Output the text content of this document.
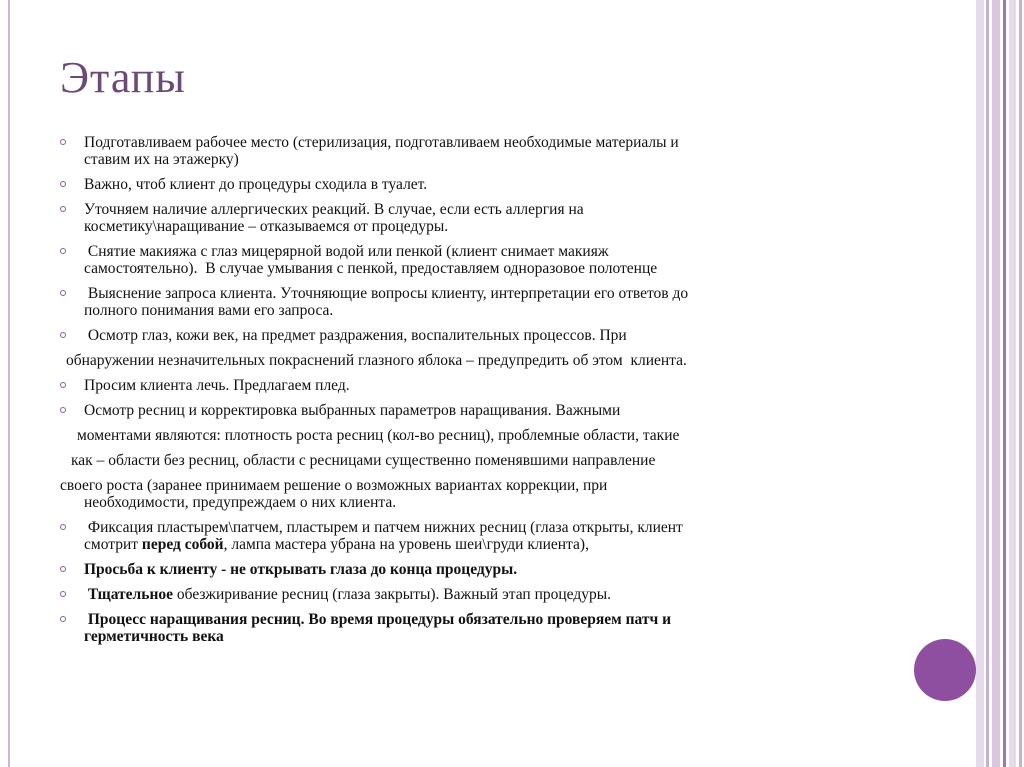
Этапы
Подготавливаем рабочее место (стерилизация, подготавливаем необходимые материалы и
ставим их на этажерку)
Важно, чтоб клиент до процедуры сходила в туалет.
Уточняем наличие аллергических реакций. В случае, если есть аллергия на
косметику\наращивание – отказываемся от процедуры.
Снятие макияжа с глаз мицерярной водой или пенкой (клиент снимает макияж
самостоятельно).  В случае умывания с пенкой, предоставляем одноразовое полотенце
Выяснение запроса клиента. Уточняющие вопросы клиенту, интерпретации его ответов до
полного понимания вами его запроса.
Осмотр глаз, кожи век, на предмет раздражения, воспалительных процессов. При
обнаружении незначительных покраснений глазного яблока – предупредить об этом  клиента.
Просим клиента лечь. Предлагаем плед.
Осмотр ресниц и корректировка выбранных параметров наращивания. Важными
моментами являются: плотность роста ресниц (кол-во ресниц), проблемные области, такие
как – области без ресниц, области с ресницами существенно поменявшими направление
своего роста (заранее принимаем решение о возможных вариантах коррекции, при
необходимости, предупреждаем о них клиента.
Фиксация пластырем\патчем, пластырем и патчем нижних ресниц (глаза открыты, клиент
смотрит перед собой, лампа мастера убрана на уровень шеи\груди клиента),
Просьба к клиенту - не открывать глаза до конца процедуры.
Тщательное обезжиривание ресниц (глаза закрыты). Важный этап процедуры.
Процесс наращивания ресниц. Во время процедуры обязательно проверяем патч и
герметичность века
